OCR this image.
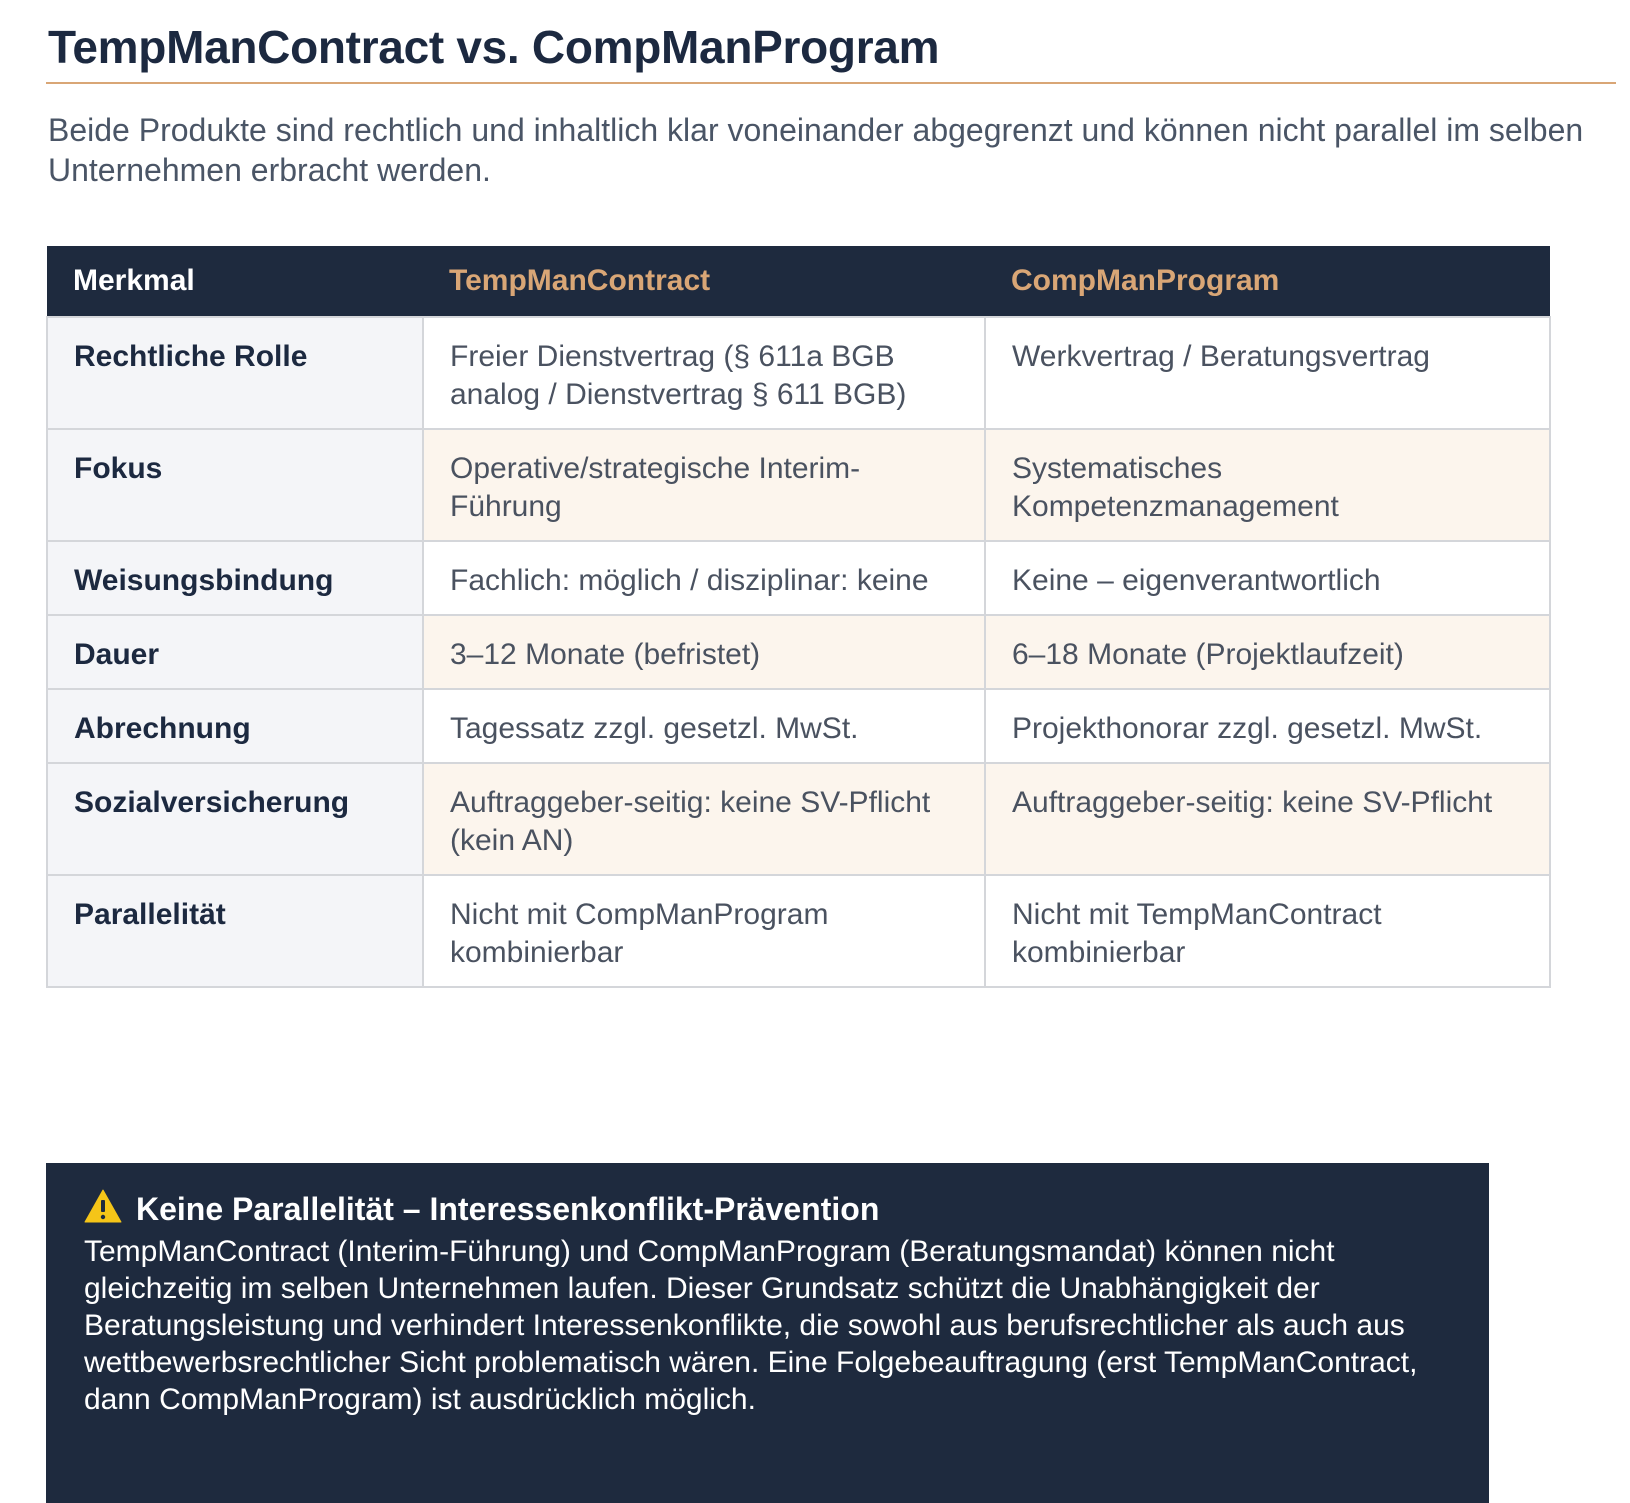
TempManContract vs. CompManProgram

Beide Produkte sind rechtlich und inhaltlich klar voneinander abgegrenzt und können nicht parallel im selben Unternehmen erbracht werden.

Merkmal	TempManContract	CompManProgram
Rechtliche Rolle	Freier Dienstvertrag (§ 611a BGB analog / Dienstvertrag § 611 BGB)	Werkvertrag / Beratungsvertrag
Fokus	Operative/strategische Interim-Führung	Systematisches Kompetenzmanagement
Weisungsbindung	Fachlich: möglich / disziplinar: keine	Keine – eigenverantwortlich
Dauer	3–12 Monate (befristet)	6–18 Monate (Projektlaufzeit)
Abrechnung	Tagessatz zzgl. gesetzl. MwSt.	Projekthonorar zzgl. gesetzl. MwSt.
Sozialversicherung	Auftraggeber-seitig: keine SV-Pflicht (kein AN)	Auftraggeber-seitig: keine SV-Pflicht
Parallelität	Nicht mit CompManProgram kombinierbar	Nicht mit TempManContract kombinierbar
Keine Parallelität – Interessenkonflikt-Prävention
TempManContract (Interim-Führung) und CompManProgram (Beratungsmandat) können nicht gleichzeitig im selben Unternehmen laufen. Dieser Grundsatz schützt die Unabhängigkeit der Beratungsleistung und verhindert Interessenkonflikte, die sowohl aus berufsrechtlicher als auch aus wettbewerbsrechtlicher Sicht problematisch wären. Eine Folgebeauftragung (erst TempManContract, dann CompManProgram) ist ausdrücklich möglich.
